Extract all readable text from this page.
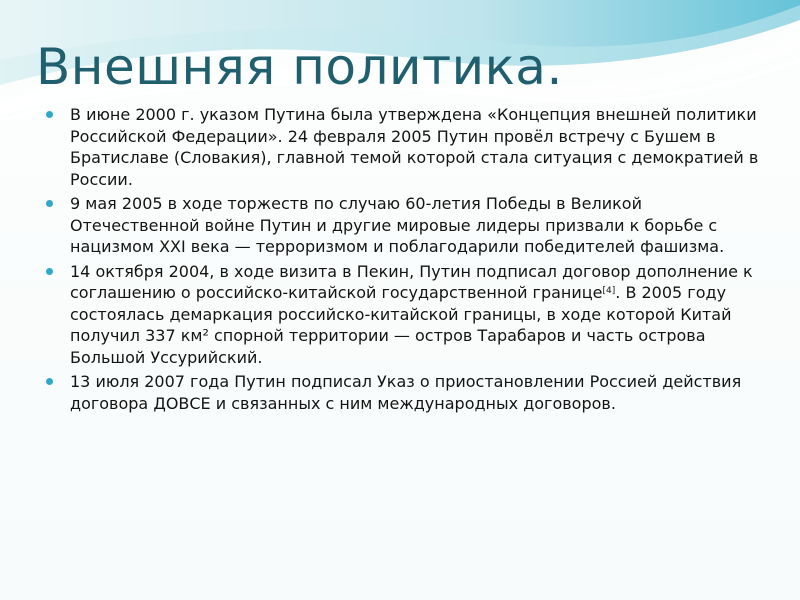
Внешняя политика.
В июне 2000 г. указом Путина была утверждена «Концепция внешней политики Российской Федерации». 24 февраля 2005 Путин провёл встречу с Бушем в Братиславе (Словакия), главной темой которой стала ситуация с демократией в России.
9 мая 2005 в ходе торжеств по случаю 60-летия Победы в Великой Отечественной войне Путин и другие мировые лидеры призвали к борьбе с нацизмом XXI века — терроризмом и поблагодарили победителей фашизма.
14 октября 2004, в ходе визита в Пекин, Путин подписал договор дополнение к соглашению о российско-китайской государственной границе[4]. В 2005 году состоялась демаркация российско-китайской границы, в ходе которой Китай получил 337 км² спорной территории — остров Тарабаров и часть острова Большой Уссурийский.
13 июля 2007 года Путин подписал Указ о приостановлении Россией действия договора ДОВСЕ и связанных с ним международных договоров.
